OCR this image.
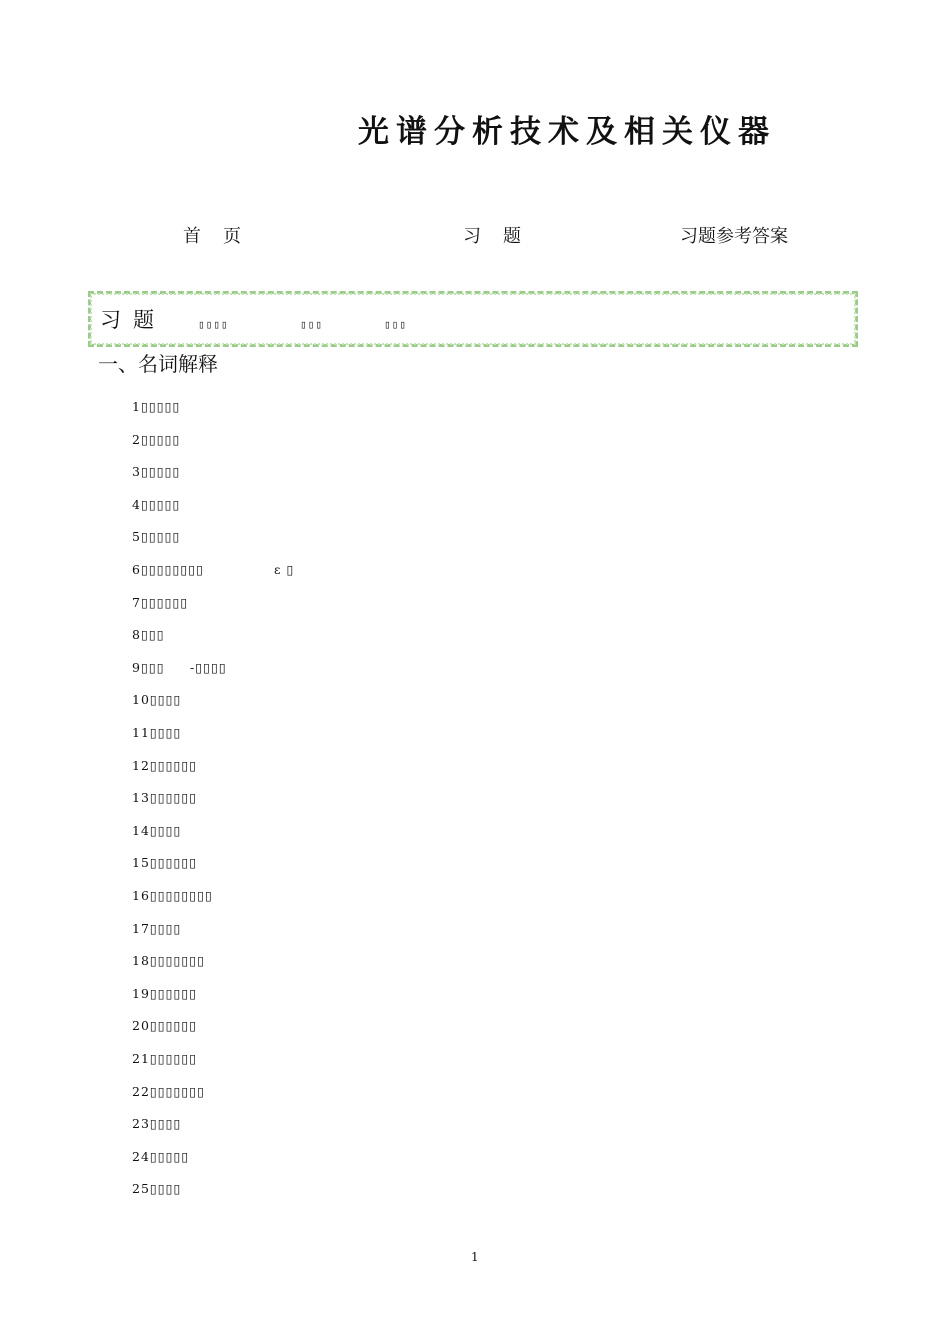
光谱分析技术及相关仪器
首页	习题	习题参考答案
习题	▯▯▯▯	▯▯▯	▯▯▯
一、名词解释
1▯▯▯▯▯
2▯▯▯▯▯
3▯▯▯▯▯
4▯▯▯▯▯
5▯▯▯▯▯
6▯▯▯▯▯▯▯▯	ε ▯
7▯▯▯▯▯▯
8▯▯▯
9▯▯▯ -▯▯▯▯
10▯▯▯▯
11▯▯▯▯
12▯▯▯▯▯▯
13▯▯▯▯▯▯
14▯▯▯▯
15▯▯▯▯▯▯
16▯▯▯▯▯▯▯▯
17▯▯▯▯
18▯▯▯▯▯▯▯
19▯▯▯▯▯▯
20▯▯▯▯▯▯
21▯▯▯▯▯▯
22▯▯▯▯▯▯▯
23▯▯▯▯
24▯▯▯▯▯
25▯▯▯▯
1
